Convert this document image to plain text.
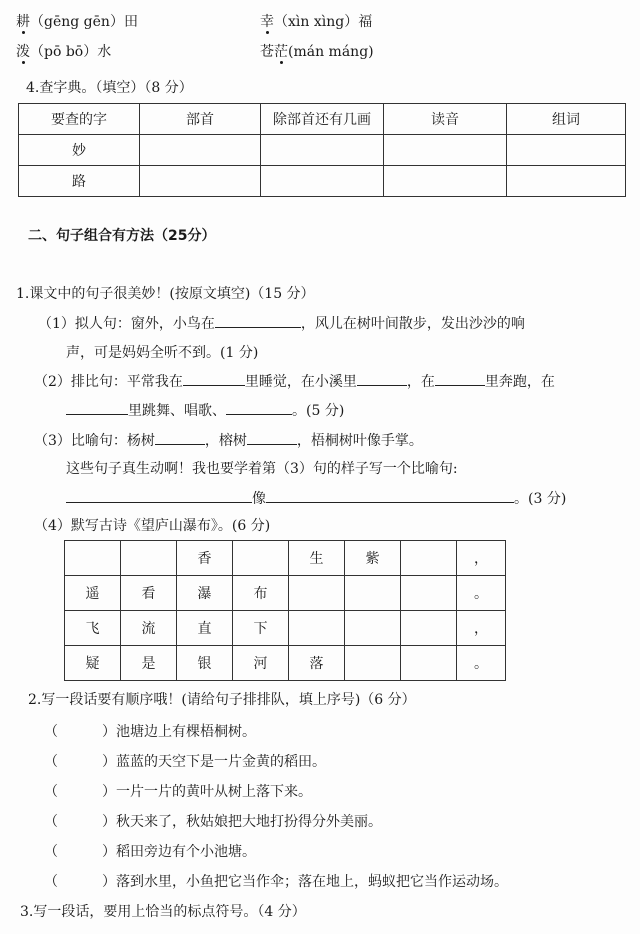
耕（gēng gēn）田	幸（xìn xìng）福
泼（pō bō）水	苍茫(mán máng)
4.查字典。（填空）（8 分）
要查的字	部首	除部首还有几画	读音	组词
妙				
路				
二、句子组合有方法（25分）
1.课文中的句子很美妙！(按原文填空)（15 分）
（1）拟人句：窗外，小鸟在	，风儿在树叶间散步，发出沙沙的响
声，可是妈妈全听不到。(1 分)
（2）排比句：平常我在	里睡觉，在小溪里	，在	里奔跑，在
里跳舞、唱歌、	。(5 分)
（3）比喻句：杨树	，榕树	，梧桐树叶像手掌。
这些句子真生动啊！我也要学着第（3）句的样子写一个比喻句:
像	。(3 分)
（4）默写古诗《望庐山瀑布》。(6 分)
		香		生	紫		，
遥	看	瀑	布				。
飞	流	直	下				，
疑	是	银	河	落			。
2.写一段话要有顺序哦！(请给句子排排队，填上序号)（6 分）
（	）池塘边上有棵梧桐树。
（	）蓝蓝的天空下是一片金黄的稻田。
（	）一片一片的黄叶从树上落下来。
（	）秋天来了，秋姑娘把大地打扮得分外美丽。
（	）稻田旁边有个小池塘。
（	）落到水里，小鱼把它当作伞；落在地上，蚂蚁把它当作运动场。
3.写一段话，要用上恰当的标点符号。（4 分）
